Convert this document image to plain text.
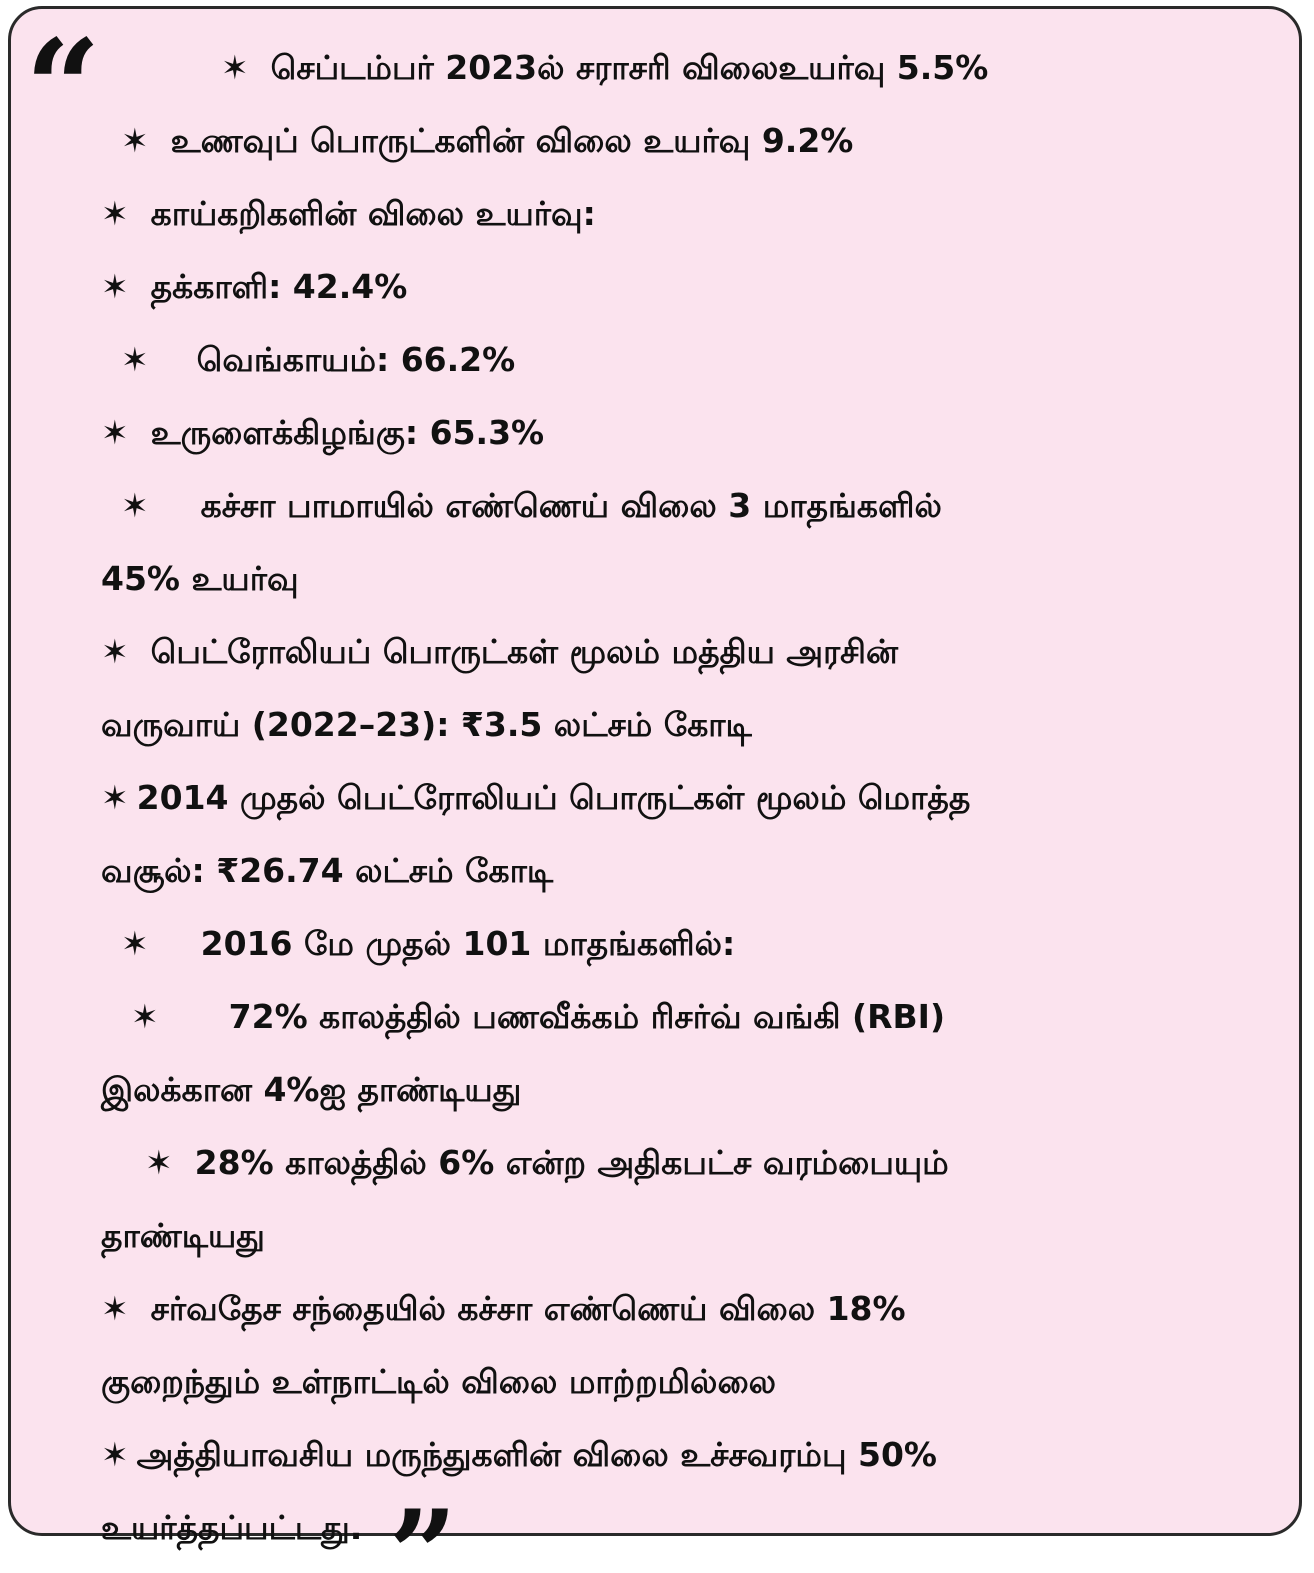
“	✶ செப்டம்பர் 2023ல் சராசரி விலைஉயர்வு 5.5%
✶ உணவுப் பொருட்களின் விலை உயர்வு 9.2%
✶ காய்கறிகளின் விலை உயர்வு:
✶ தக்காளி: 42.4%
✶ வெங்காயம்: 66.2%
✶ உருளைக்கிழங்கு: 65.3%
✶ கச்சா பாமாயில் எண்ணெய் விலை 3 மாதங்களில்
45% உயர்வு
✶ பெட்ரோலியப் பொருட்கள் மூலம் மத்திய அரசின்
வருவாய் (2022–23): ₹3.5 லட்சம் கோடி
✶ 2014 முதல் பெட்ரோலியப் பொருட்கள் மூலம் மொத்த
வசூல்: ₹26.74 லட்சம் கோடி
✶ 2016 மே முதல் 101 மாதங்களில்:
✶ 72% காலத்தில் பணவீக்கம் ரிசர்வ் வங்கி (RBI)
இலக்கான 4%ஐ தாண்டியது
✶ 28% காலத்தில் 6% என்ற அதிகபட்ச வரம்பையும்
தாண்டியது
✶ சர்வதேச சந்தையில் கச்சா எண்ணெய் விலை 18%
குறைந்தும் உள்நாட்டில் விலை மாற்றமில்லை
✶ அத்தியாவசிய மருந்துகளின் விலை உச்சவரம்பு 50%
உயர்த்தப்பட்டது. ”
